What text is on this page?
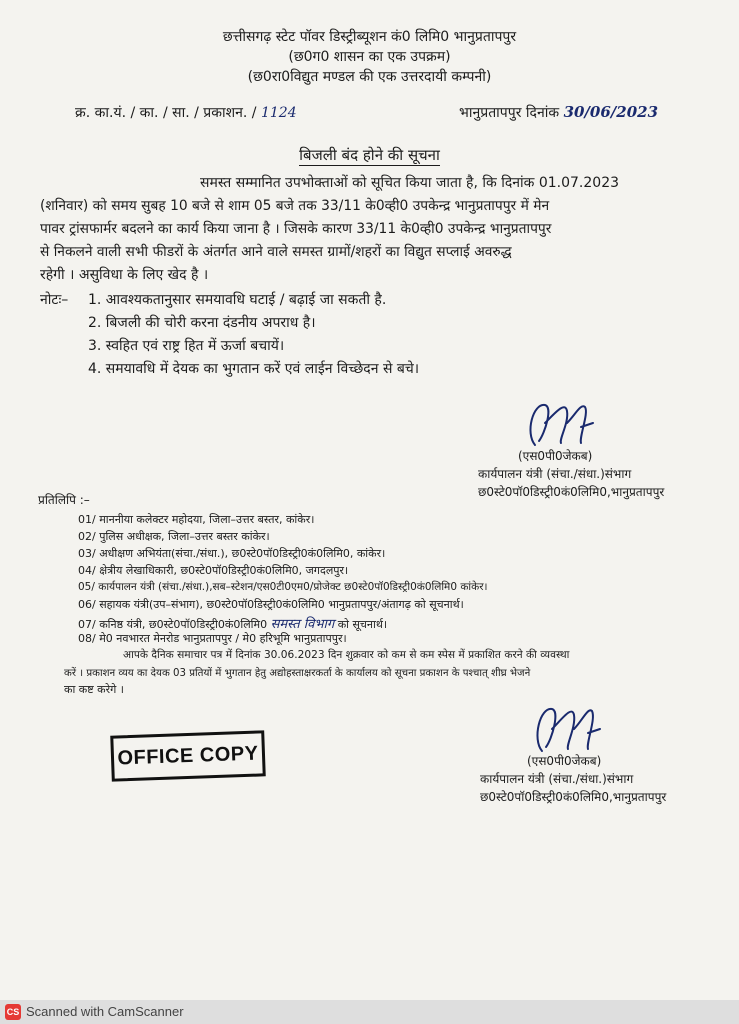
छत्तीसगढ़ स्टेट पॉवर डिस्ट्रीब्यूशन कं0 लिमि0 भानुप्रतापपुर
(छ0ग0 शासन का एक उपक्रम)
(छ0रा0विद्युत मण्डल की एक उत्तरदायी कम्पनी)
क्र. का.यं. / का. / सा. / प्रकाशन. / 1124	भानुप्रतापपुर दिनांक 30/06/2023
बिजली बंद होने की सूचना
समस्त सम्मानित उपभोक्ताओं को सूचित किया जाता है, कि दिनांक 01.07.2023
(शनिवार) को समय सुबह 10 बजे से शाम 05 बजे तक 33/11 के0व्ही0 उपकेन्द्र भानुप्रतापपुर में मेन
पावर ट्रांसफार्मर बदलने का कार्य किया जाना है । जिसके कारण 33/11 के0व्ही0 उपकेन्द्र भानुप्रतापपुर
से निकलने वाली सभी फीडरों के अंतर्गत आने वाले समस्त ग्रामों/शहरों का विद्युत सप्लाई अवरुद्ध
रहेगी । असुविधा के लिए खेद है ।
नोटः– 1. आवश्यकतानुसार समयावधि घटाई / बढ़ाई जा सकती है.
2. बिजली की चोरी करना दंडनीय अपराध है।
3. स्वहित एवं राष्ट्र हित में ऊर्जा बचायें।
4. समयावधि में देयक का भुगतान करें एवं लाईन विच्छेदन से बचे।
(एस0पी0जेकब)
कार्यपालन यंत्री (संचा./संधा.)संभाग
छ0स्टे0पॉ0डिस्ट्री0कं0लिमि0,भानुप्रतापपुर
प्रतिलिपि :–
01/ माननीया कलेक्टर महोदया, जिला–उत्तर बस्तर, कांकेर।
02/ पुलिस अधीक्षक, जिला–उत्तर बस्तर कांकेर।
03/ अधीक्षण अभियंता(संचा./संधा.), छ0स्टे0पॉ0डिस्ट्री0कं0लिमि0, कांकेर।
04/ क्षेत्रीय लेखाधिकारी, छ0स्टे0पॉ0डिस्ट्री0कं0लिमि0, जगदलपुर।
05/ कार्यपालन यंत्री (संचा./संधा.),सब–स्टेशन/एस0टी0एम0/प्रोजेक्ट छ0स्टे0पॉ0डिस्ट्री0कं0लिमि0 कांकेर।
06/ सहायक यंत्री(उप–संभाग), छ0स्टे0पॉ0डिस्ट्री0कं0लिमि0 भानुप्रतापपुर/अंतागढ़ को सूचनार्थ।
07/ कनिष्ठ यंत्री, छ0स्टे0पॉ0डिस्ट्री0कं0लिमि0 समस्त विभाग को सूचनार्थ।
08/ मे0 नवभारत मेनरोड भानुप्रतापपुर / मे0 हरिभूमि भानुप्रतापपुर।
आपके दैनिक समाचार पत्र में दिनांक 30.06.2023 दिन शुक्रवार को कम से कम स्पेस में प्रकाशित करने की व्यवस्था
करें । प्रकाशन व्यय का देयक 03 प्रतियों में भुगतान हेतु अद्योहस्ताक्षरकर्ता के कार्यालय को सूचना प्रकाशन के पश्चात् शीघ्र भेजने
का कष्ट करेगे ।
OFFICE COPY	(एस0पी0जेकब)
कार्यपालन यंत्री (संचा./संधा.)संभाग
छ0स्टे0पॉ0डिस्ट्री0कं0लिमि0,भानुप्रतापपुर
CS Scanned with CamScanner
